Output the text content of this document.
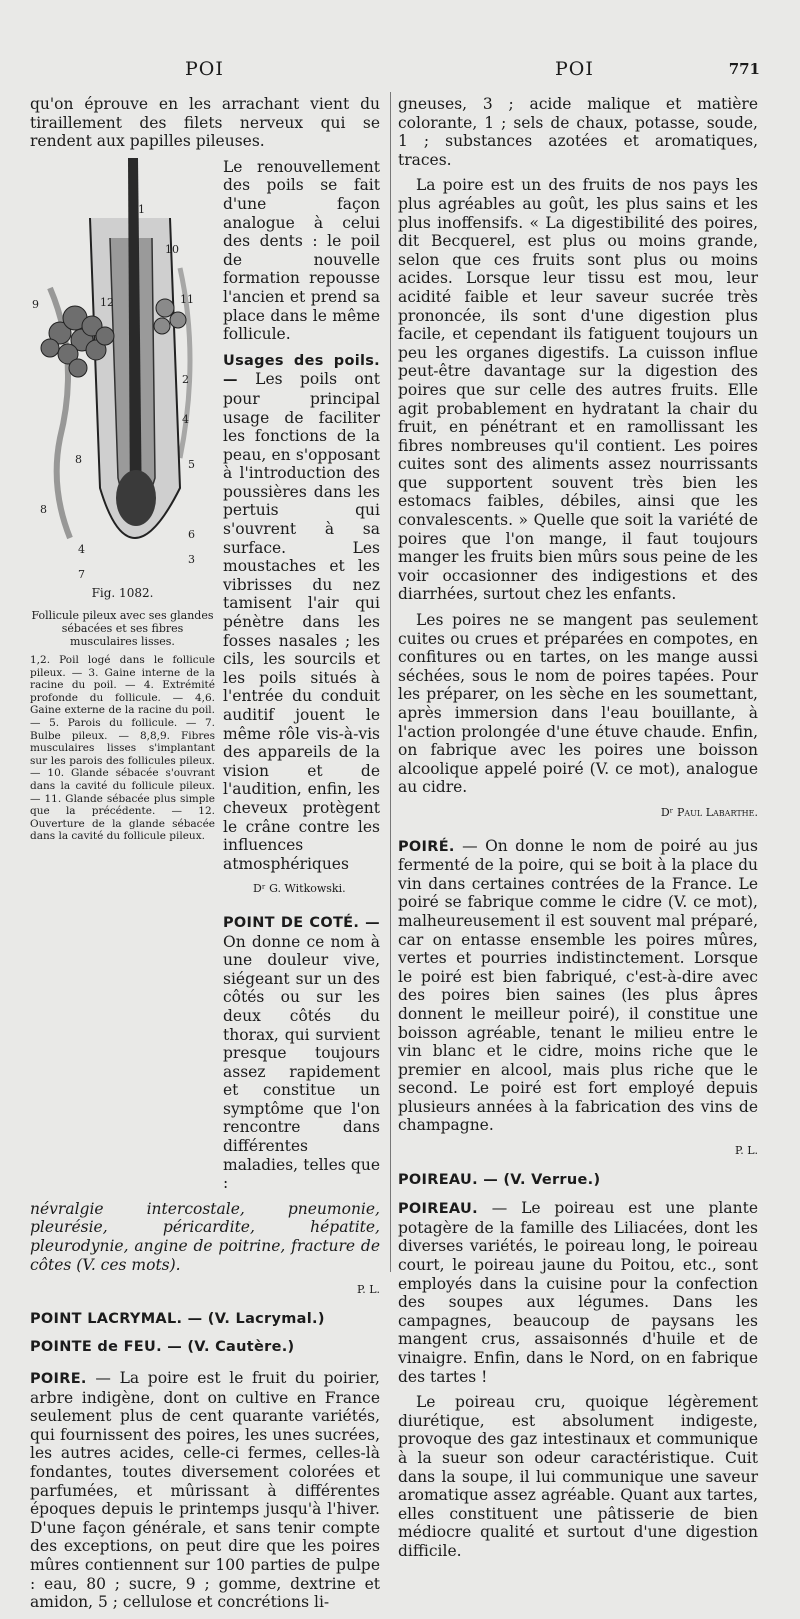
POI	POI	771

qu'on éprouve en les arrachant vient du tiraillement des filets nerveux qui se rendent aux papilles pileuses.

1
12
10
11
9
2
4
8	5
6
3
4
7
8
Fig. 1082.
Follicule pileux avec ses glandes sébacées et ses fibres musculaires lisses.
1,2. Poil logé dans le follicule pileux. — 3. Gaine interne de la racine du poil. — 4. Extrémité profonde du follicule. — 4,6. Gaine externe de la racine du poil. — 5. Parois du follicule. — 7. Bulbe pileux. — 8,8,9. Fibres musculaires lisses s'implantant sur les parois des follicules pileux. — 10. Glande sébacée s'ouvrant dans la cavité du follicule pileux. — 11. Glande sébacée plus simple que la précédente. — 12. Ouverture de la glande sébacée dans la cavité du follicule pileux.

Le renouvellement des poils se fait d'une façon analogue à celui des dents : le poil de nouvelle formation repousse l'ancien et prend sa place dans le même follicule.

Usages des poils. — Les poils ont pour principal usage de faciliter les fonctions de la peau, en s'opposant à l'introduction des poussières dans les pertuis qui s'ouvrent à sa surface. Les moustaches et les vibrisses du nez tamisent l'air qui pénètre dans les fosses nasales ; les cils, les sourcils et les poils situés à l'entrée du conduit auditif jouent le même rôle vis-à-vis des appareils de la vision et de l'audition, enfin, les cheveux protègent le crâne contre les influences atmosphériques

Dʳ G. Witkowski.

POINT DE COTÉ. — On donne ce nom à une douleur vive, siégeant sur un des côtés ou sur les deux côtés du thorax, qui survient presque toujours assez rapidement et constitue un symptôme que l'on rencontre dans différentes maladies, telles que :

névralgie intercostale, pneumonie, pleurésie, péricardite, hépatite, pleurodynie, angine de poitrine, fracture de côtes (V. ces mots).

P. L.

POINT LACRYMAL. — (V. Lacrymal.)

POINTE de FEU. — (V. Cautère.)

POIRE. — La poire est le fruit du poirier, arbre indigène, dont on cultive en France seulement plus de cent quarante variétés, qui fournissent des poires, les unes sucrées, les autres acides, celle-ci fermes, celles-là fondantes, toutes diversement colorées et parfumées, et mûrissant à différentes époques depuis le printemps jusqu'à l'hiver. D'une façon générale, et sans tenir compte des exceptions, on peut dire que les poires mûres contiennent sur 100 parties de pulpe : eau, 80 ; sucre, 9 ; gomme, dextrine et amidon, 5 ; cellulose et concrétions li-

gneuses, 3 ; acide malique et matière colorante, 1 ; sels de chaux, potasse, soude, 1 ; substances azotées et aromatiques, traces.

La poire est un des fruits de nos pays les plus agréables au goût, les plus sains et les plus inoffensifs. « La digestibilité des poires, dit Becquerel, est plus ou moins grande, selon que ces fruits sont plus ou moins acides. Lorsque leur tissu est mou, leur acidité faible et leur saveur sucrée très prononcée, ils sont d'une digestion plus facile, et cependant ils fatiguent toujours un peu les organes digestifs. La cuisson influe peut-être davantage sur la digestion des poires que sur celle des autres fruits. Elle agit probablement en hydratant la chair du fruit, en pénétrant et en ramollissant les fibres nombreuses qu'il contient. Les poires cuites sont des aliments assez nourrissants que supportent souvent très bien les estomacs faibles, débiles, ainsi que les convalescents. » Quelle que soit la variété de poires que l'on mange, il faut toujours manger les fruits bien mûrs sous peine de les voir occasionner des indigestions et des diarrhées, surtout chez les enfants.

Les poires ne se mangent pas seulement cuites ou crues et préparées en compotes, en confitures ou en tartes, on les mange aussi séchées, sous le nom de poires tapées. Pour les préparer, on les sèche en les soumettant, après immersion dans l'eau bouillante, à l'action prolongée d'une étuve chaude. Enfin, on fabrique avec les poires une boisson alcoolique appelé poiré (V. ce mot), analogue au cidre.

Dʳ Paul Labarthe.

POIRÉ. — On donne le nom de poiré au jus fermenté de la poire, qui se boit à la place du vin dans certaines contrées de la France. Le poiré se fabrique comme le cidre (V. ce mot), malheureusement il est souvent mal préparé, car on entasse ensemble les poires mûres, vertes et pourries indistinctement. Lorsque le poiré est bien fabriqué, c'est-à-dire avec des poires bien saines (les plus âpres donnent le meilleur poiré), il constitue une boisson agréable, tenant le milieu entre le vin blanc et le cidre, moins riche que le premier en alcool, mais plus riche que le second. Le poiré est fort employé depuis plusieurs années à la fabrication des vins de champagne.

P. L.

POIREAU. — (V. Verrue.)

POIREAU. — Le poireau est une plante potagère de la famille des Liliacées, dont les diverses variétés, le poireau long, le poireau court, le poireau jaune du Poitou, etc., sont employés dans la cuisine pour la confection des soupes aux légumes. Dans les campagnes, beaucoup de paysans les mangent crus, assaisonnés d'huile et de vinaigre. Enfin, dans le Nord, on en fabrique des tartes !

Le poireau cru, quoique légèrement diurétique, est absolument indigeste, provoque des gaz intestinaux et communique à la sueur son odeur caractéristique. Cuit dans la soupe, il lui communique une saveur aromatique assez agréable. Quant aux tartes, elles constituent une pâtisserie de bien médiocre qualité et surtout d'une digestion difficile.
